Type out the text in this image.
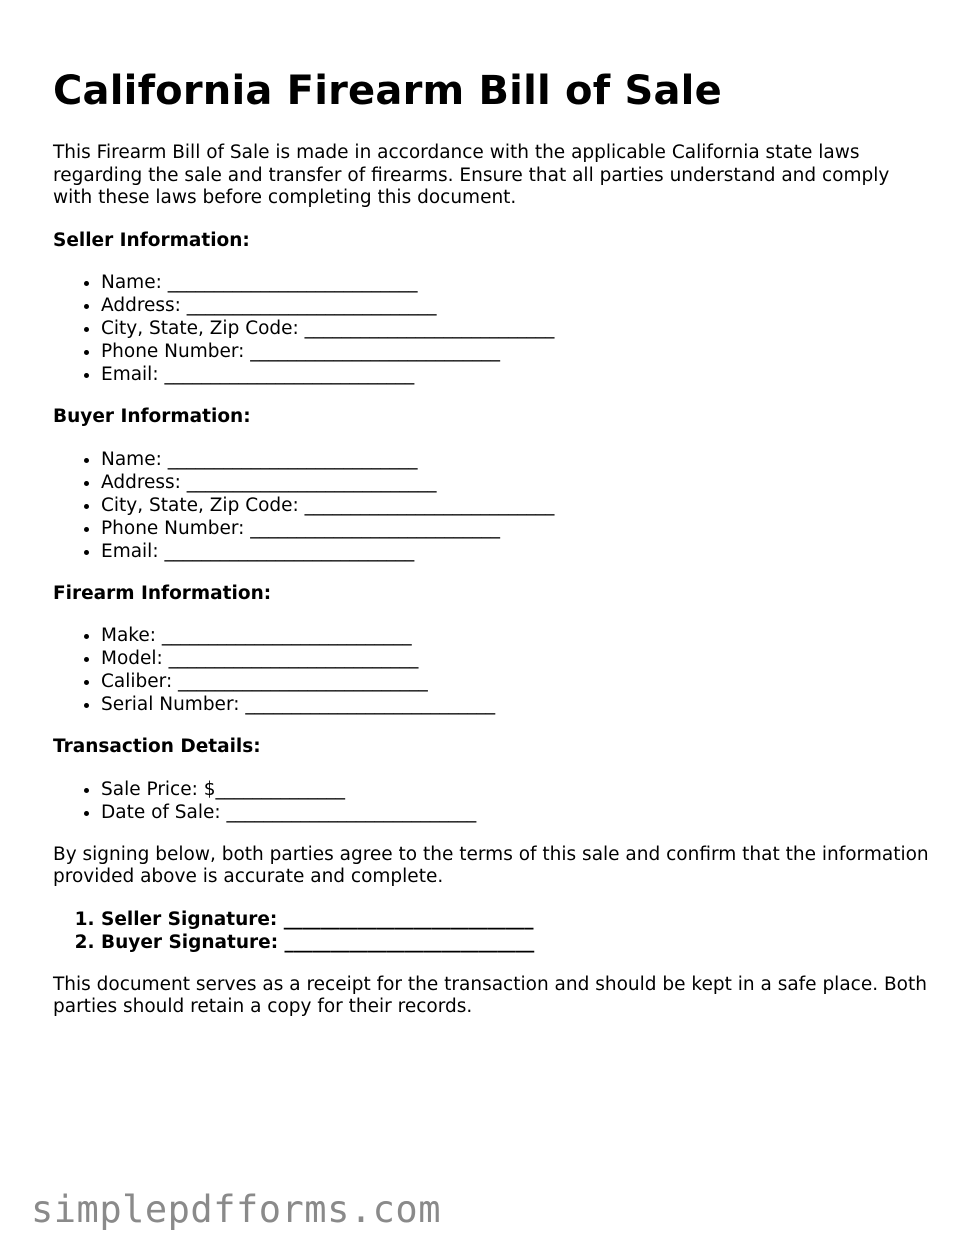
California Firearm Bill of Sale

This Firearm Bill of Sale is made in accordance with the applicable California state laws regarding the sale and transfer of firearms. Ensure that all parties understand and comply with these laws before completing this document.

Seller Information:
• Name: ___________________________
• Address: ___________________________
• City, State, Zip Code: ___________________________
• Phone Number: ___________________________
• Email: ___________________________
Buyer Information:
• Name: ___________________________
• Address: ___________________________
• City, State, Zip Code: ___________________________
• Phone Number: ___________________________
• Email: ___________________________
Firearm Information:
• Make: ___________________________
• Model: ___________________________
• Caliber: ___________________________
• Serial Number: ___________________________
Transaction Details:
• Sale Price: $______________
• Date of Sale: ___________________________

By signing below, both parties agree to the terms of this sale and confirm that the information provided above is accurate and complete.

1. Seller Signature: ___________________________
2. Buyer Signature: ___________________________

This document serves as a receipt for the transaction and should be kept in a safe place. Both parties should retain a copy for their records.

simplepdfforms.com
